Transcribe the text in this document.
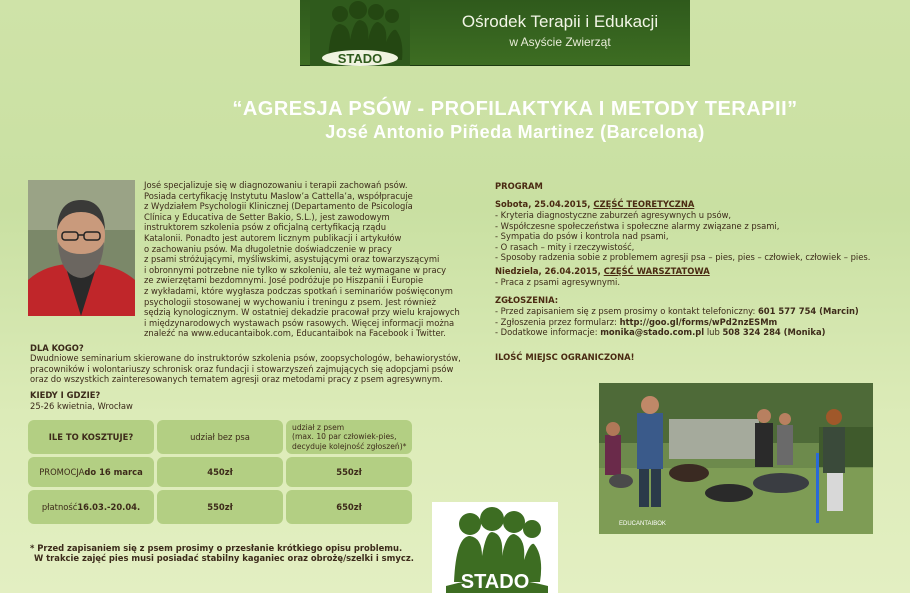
STADO
Ośrodek Terapii i Edukacji
w Asyście Zwierząt
“AGRESJA PSÓW - PROFILAKTYKA I METODY TERAPII”
José Antonio Piñeda Martinez (Barcelona)
José specjalizuje się w diagnozowaniu i terapii zachowań psów.
Posiada certyfikację Instytutu Maslow’a Cattella’a, współpracuje
z Wydziałem Psychologii Klinicznej (Departamento de Psicología
Clínica y Educativa de Setter Bakio, S.L.), jest zawodowym
instruktorem szkolenia psów z oficjalną certyfikacją rządu
Katalonii. Ponadto jest autorem licznym publikacji i artykułów
o zachowaniu psów. Ma długoletnie doświadczenie w pracy
z psami stróżującymi, myśliwskimi, asystującymi oraz towarzyszącymi
i obronnymi potrzebne nie tylko w szkoleniu, ale też wymagane w pracy
ze zwierzętami bezdomnymi. José podróżuje po Hiszpanii i Europie
z wykładami, które wygłasza podczas spotkań i seminariów poświęconym
psychologii stosowanej w wychowaniu i treningu z psem. Jest również
sędzią kynologicznym. W ostatniej dekadzie pracował przy wielu krajowych
i międzynarodowych wystawach psów rasowych. Więcej informacji można
znaleźć na www.educantaibok.com, Educantaibok na Facebook i Twitter.
DLA KOGO?
Dwudniowe seminarium skierowane do instruktorów szkolenia psów, zoopsychologów, behawiorystów,
pracowników i wolontariuszy schronisk oraz fundacji i stowarzyszeń zajmujących się adopcjami psów
oraz do wszystkich zainteresowanych tematem agresji oraz metodami pracy z psem agresywnym.
KIEDY I GDZIE?
25-26 kwietnia, Wrocław
ILE TO KOSZTUJE?	udział bez psa
udział z psem
(max. 10 par człowiek-pies,
decyduje kolejność zgłoszeń)*
PROMOCJA do 16 marca	450zł	550zł
płatność 16.03.-20.04.	550zł	650zł
* Przed zapisaniem się z psem prosimy o przesłanie krótkiego opisu problemu.
W trakcie zajęć pies musi posiadać stabilny kaganiec oraz obrożę/szelki i smycz.
PROGRAM
Sobota, 25.04.2015, CZĘŚĆ TEORETYCZNA
- Kryteria diagnostyczne zaburzeń agresywnych u psów,
- Współczesne społeczeństwa i społeczne alarmy związane z psami,
- Sympatia do psów i kontrola nad psami,
- O rasach – mity i rzeczywistość,
- Sposoby radzenia sobie z problemem agresji psa – pies, pies – człowiek, człowiek – pies.
Niedziela, 26.04.2015, CZĘŚĆ WARSZTATOWA
- Praca z psami agresywnymi.
ZGŁOSZENIA:
- Przed zapisaniem się z psem prosimy o kontakt telefoniczny: 601 577 754 (Marcin)
- Zgłoszenia przez formularz: http://goo.gl/forms/wPd2nzESMm
- Dodatkowe informacje: monika@stado.com.pl lub 508 324 284 (Monika)
ILOŚĆ MIEJSC OGRANICZONA!
EDUCANTAIBOK
STADO
